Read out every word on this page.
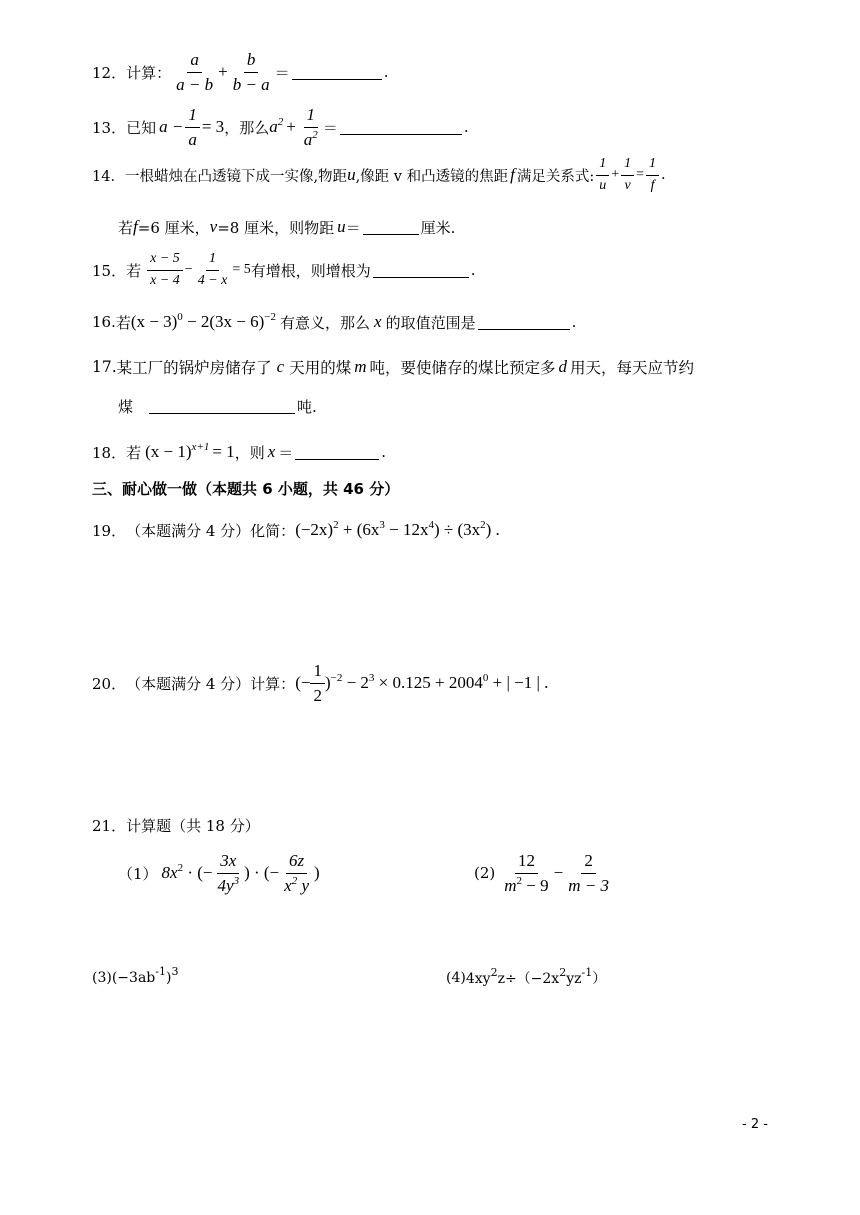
12． 计算： $\frac{a}{a - b} + \frac{b}{b - a}$ ＝	.
13． 已知 $a - \frac{1}{a} = 3$ ，那么 $a^2 + \frac{1}{a^2}$ ＝	.
14． 一根蜡烛在凸透镜下成一实像,物距 u ,像距 v 和凸透镜的焦距 f 满足关系式: $\frac{1}{u} + \frac{1}{v} = \frac{1}{f}$ .
若 f =6 厘米， v =8 厘米，则物距 u ＝	厘米.
15． 若 $\frac{x - 5}{x - 4} - \frac{1}{4 - x} = 5$ 有增根，则增根为	.
16. 若 $(x - 3)^0 - 2(3x - 6)^{-2}$ 有意义，那么 x 的取值范围是	.
17. 某工厂的锅炉房储存了 c 天用的煤 m 吨，要使储存的煤比预定多 d 用天，每天应节约
煤	吨.
18． 若 $(x - 1)^{x+1} = 1$ ，则 x ＝	.
三、耐心做一做（本题共 6 小题，共 46 分）
19． （本题满分 4 分）化简： $(-2x)^2 + (6x^3 - 12x^4) \div (3x^2)$ .
20． （本题满分 4 分）计算： (− $\frac{1}{2} )^{-2} - 2^3 \times 0.125 + 2004^0$ + | −1 | .
21． 计算题（共 18 分）
（1） $8x^2$ · (− $\frac{3x}{4y^3}$ ) · (− $\frac{6z}{x^2 y}$ )	$(2) \frac{12}{m^2 - 9} - \frac{2}{m - 3}$
(3) $(-3ab^{-1})^3$	(4) $4xy^2z\div(-2x^2yz^{-1})$
- 2 -
